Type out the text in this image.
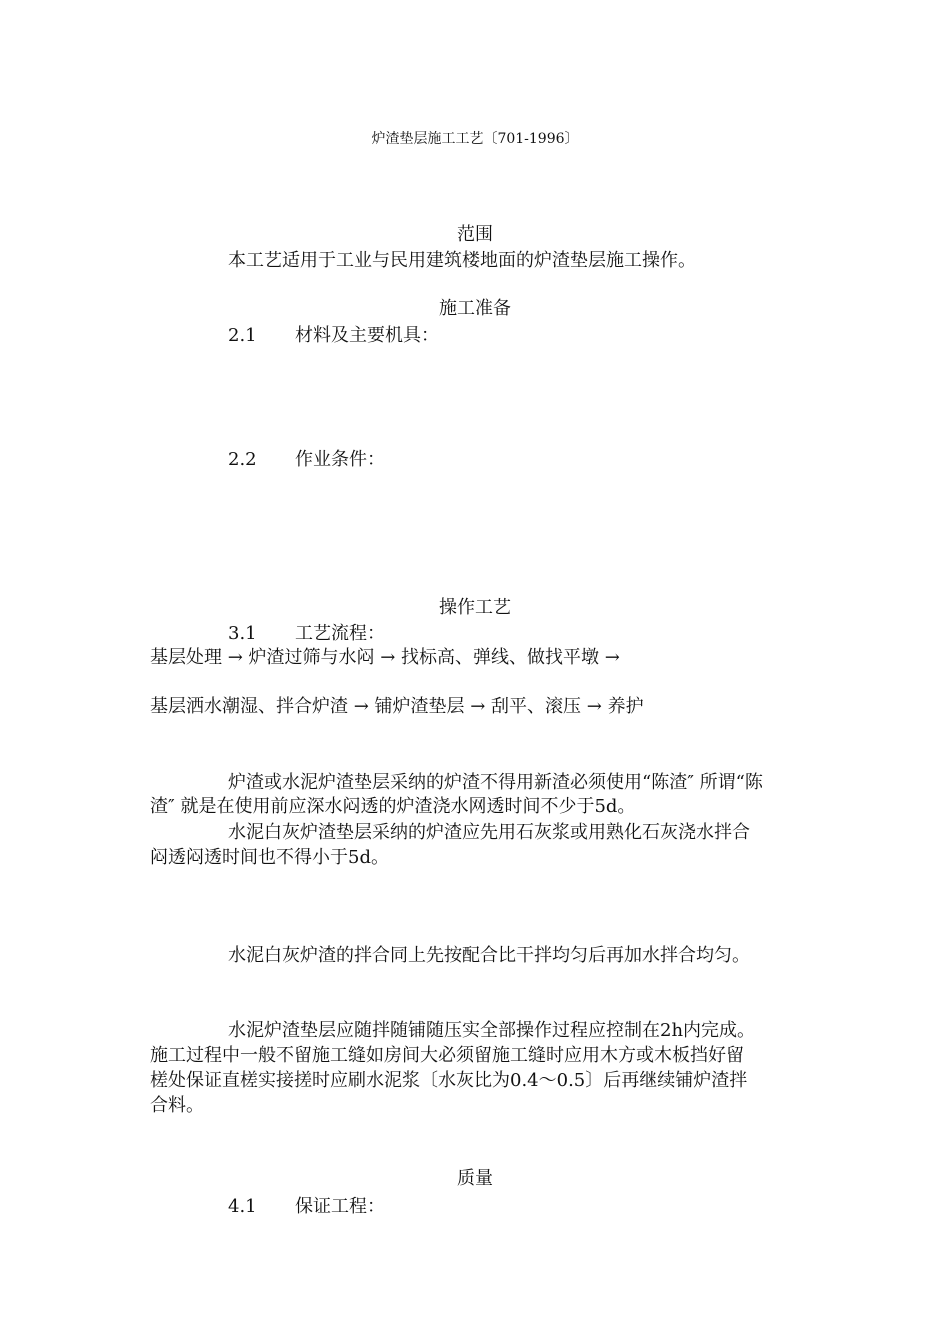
炉渣垫层施工工艺〔701-1996〕
范围
本工艺适用于工业与民用建筑楼地面的炉渣垫层施工操作。
施工准备
2.1 材料及主要机具：
2.2 作业条件：
操作工艺
3.1 工艺流程：
基层处理 → 炉渣过筛与水闷 → 找标高、弹线、做找平墩 →
基层洒水潮湿、拌合炉渣 → 铺炉渣垫层 → 刮平、滚压 → 养护
炉渣或水泥炉渣垫层采纳的炉渣不得用新渣必须使用“陈渣″ 所谓“陈
渣″ 就是在使用前应深水闷透的炉渣浇水网透时间不少于5d。
水泥白灰炉渣垫层采纳的炉渣应先用石灰浆或用熟化石灰浇水拌合
闷透闷透时间也不得小于5d。
水泥白灰炉渣的拌合同上先按配合比干拌均匀后再加水拌合均匀。
水泥炉渣垫层应随拌随铺随压实全部操作过程应控制在2h内完成。
施工过程中一般不留施工缝如房间大必须留施工缝时应用木方或木板挡好留
槎处保证直槎实接搓时应刷水泥浆〔水灰比为0.4～0.5〕后再继续铺炉渣拌
合料。
质量
4.1 保证工程：
